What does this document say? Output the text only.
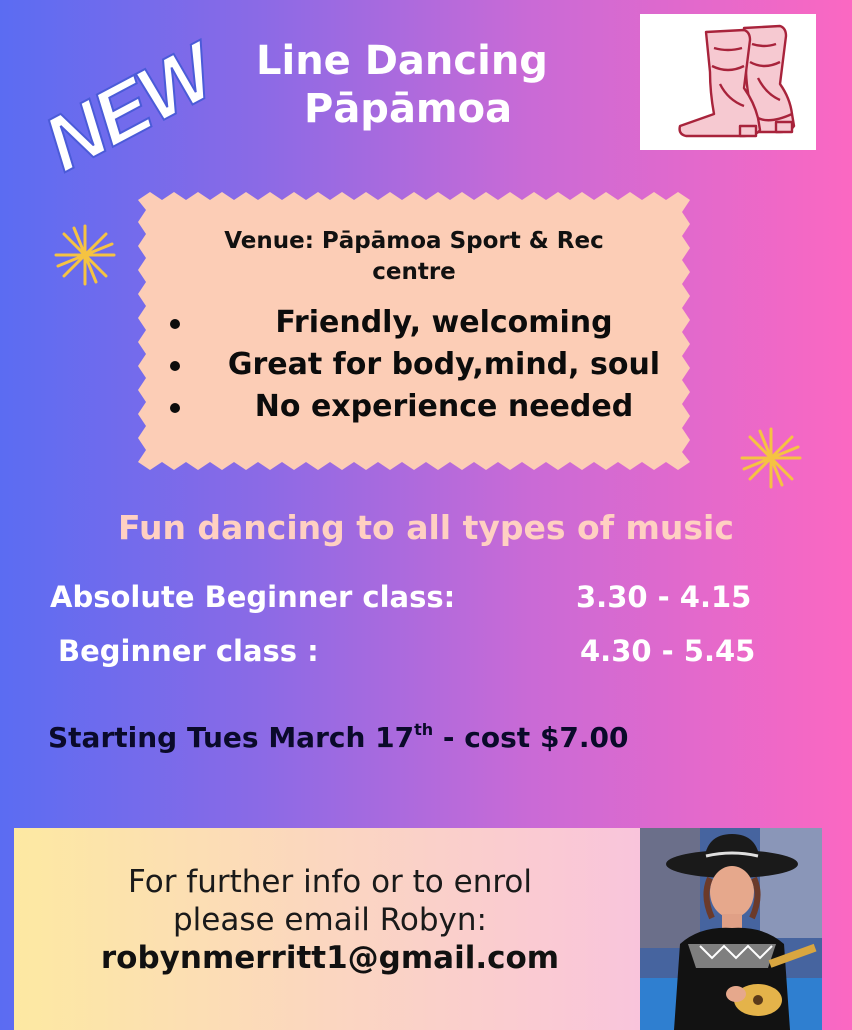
NEW Line Dancing
Pāpāmoa
Venue: Pāpāmoa Sport & Rec
centre
Friendly, welcoming
Great for body,mind, soul
No experience needed
Fun dancing to all types of music
Absolute Beginner class:	3.30 - 4.15
Beginner class :	4.30 - 5.45
Starting Tues March 17th - cost $7.00
For further info or to enrol
please email Robyn:
robynmerritt1@gmail.com
